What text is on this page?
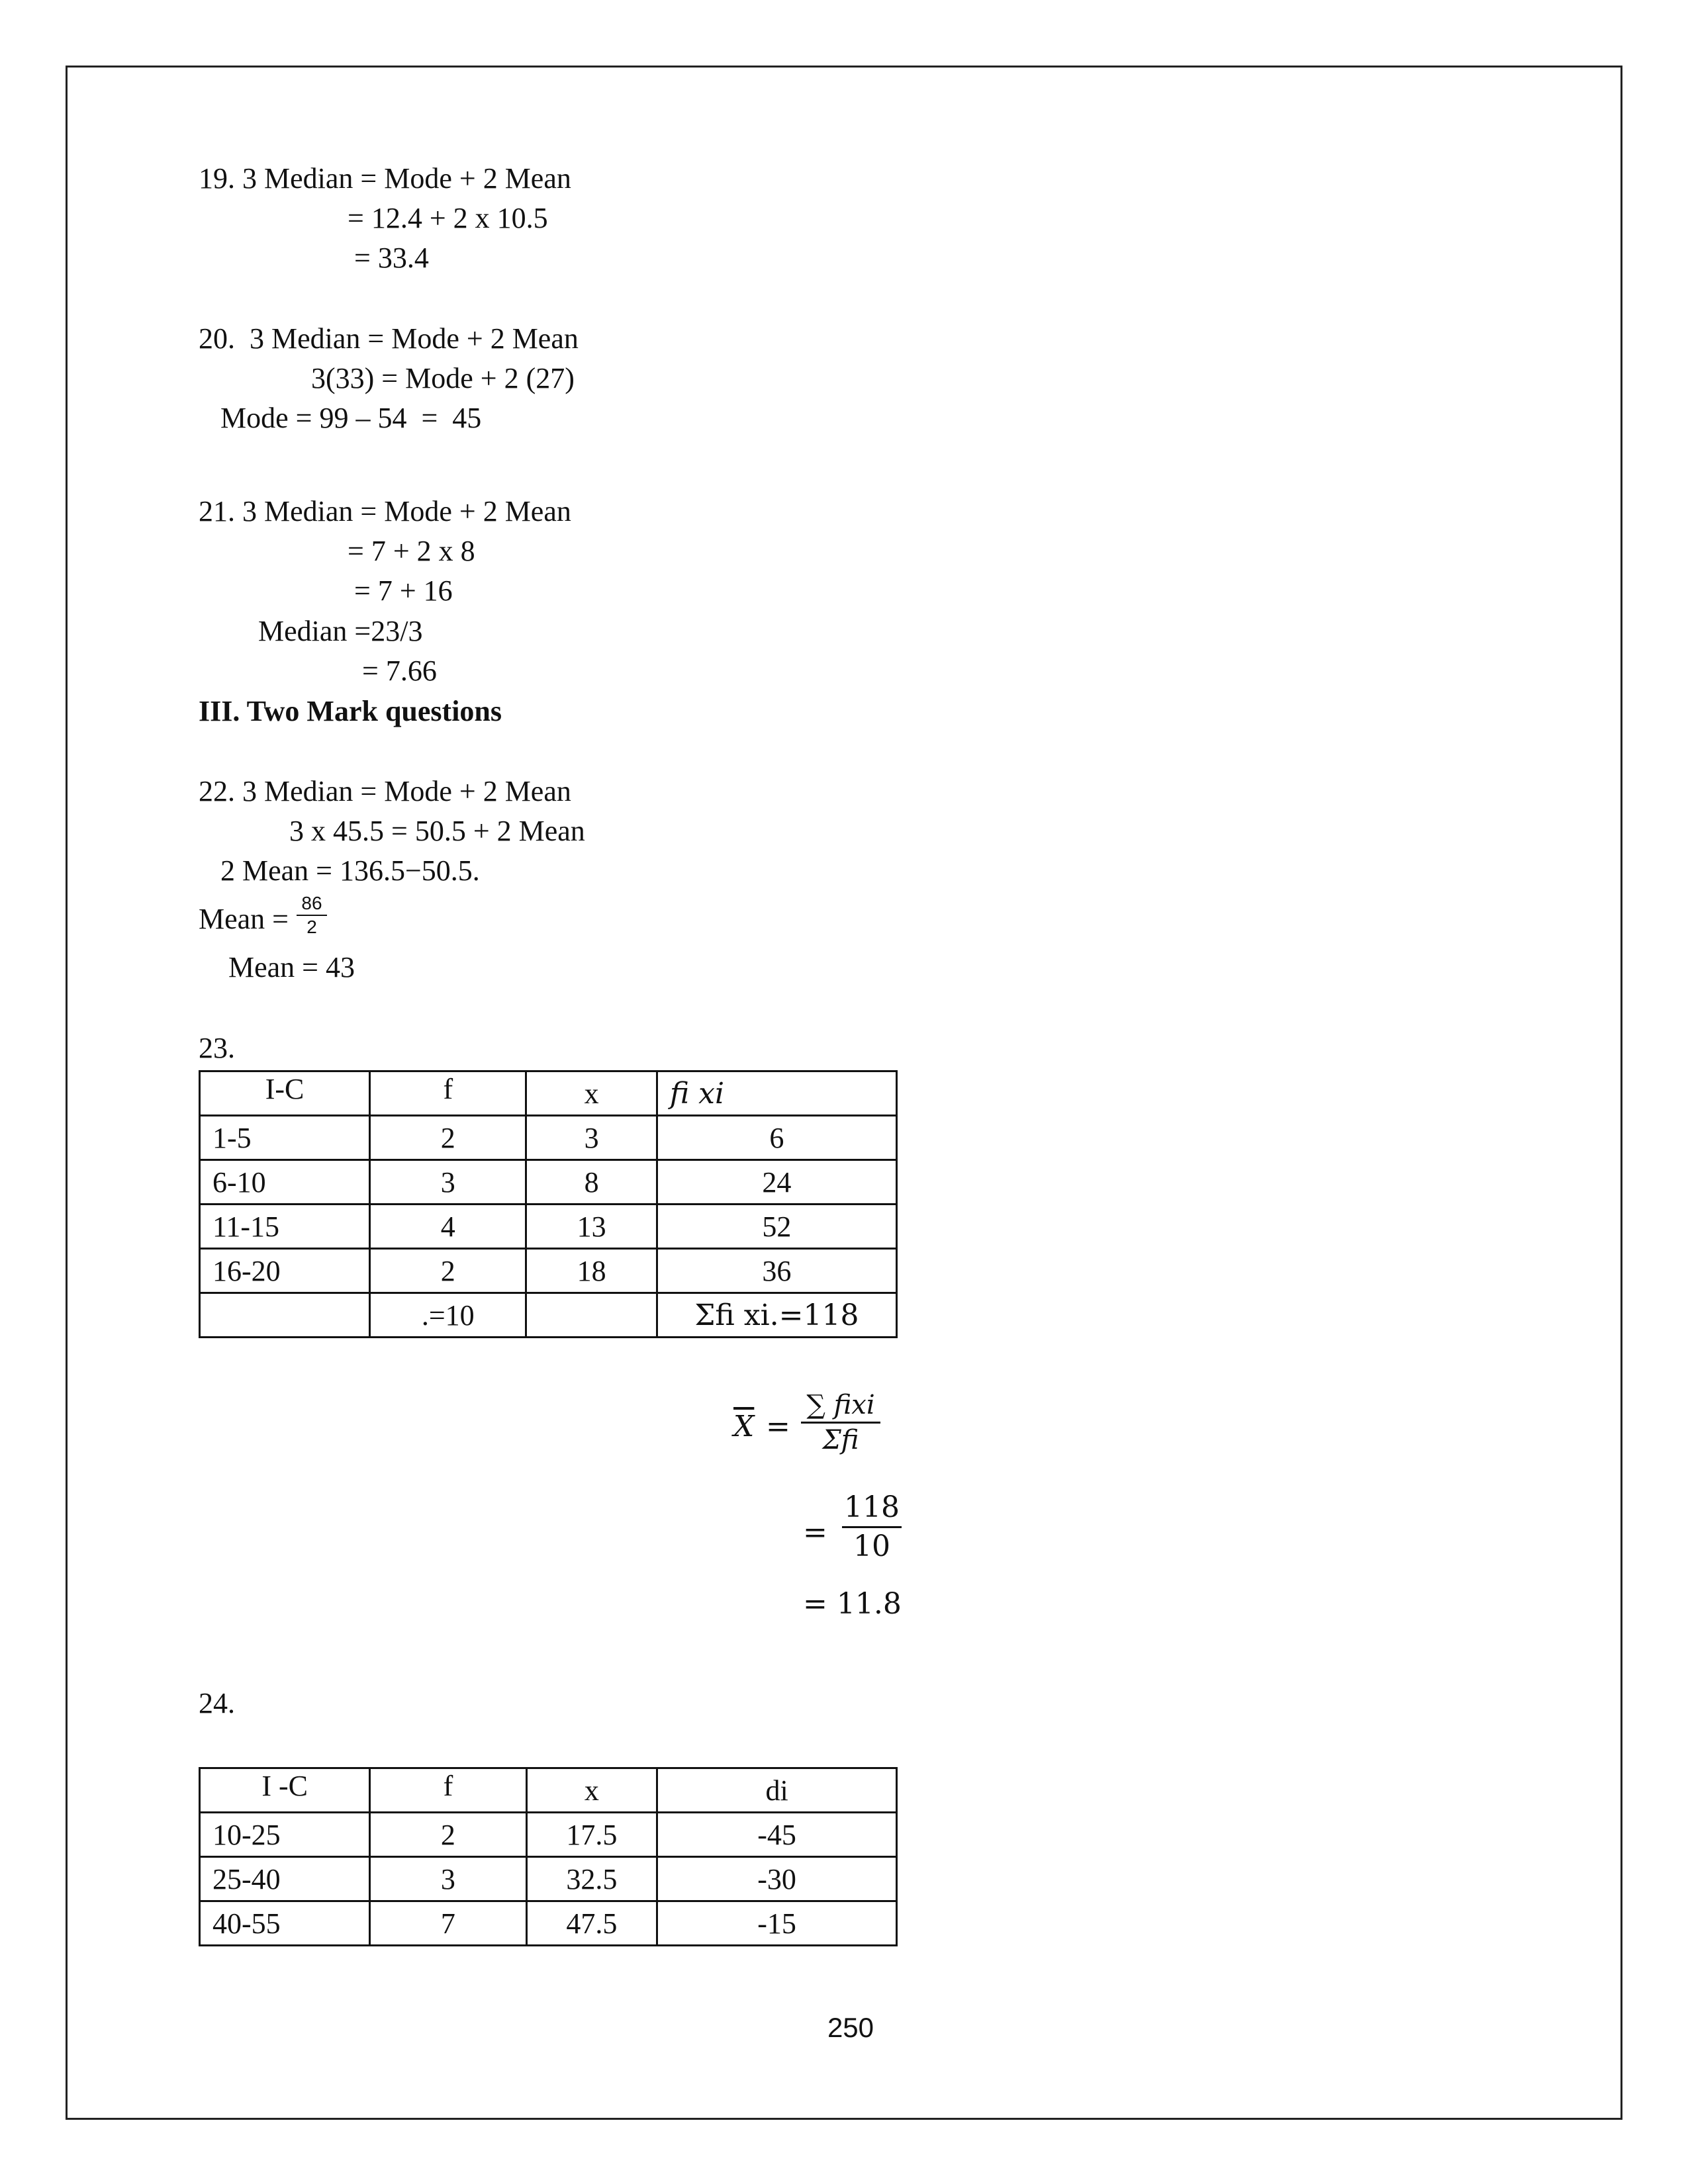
19. 3 Median = Mode + 2 Mean
= 12.4 + 2 x 10.5
= 33.4
20.  3 Median = Mode + 2 Mean
3(33) = Mode + 2 (27)
Mode = 99 – 54  =  45
21. 3 Median = Mode + 2 Mean
= 7 + 2 x 8
= 7 + 16
Median =23/3
= 7.66
III. Two Mark questions
22. 3 Median = Mode + 2 Mean
3 x 45.5 = 50.5 + 2 Mean
2 Mean = 136.5−50.5.
Mean = 86
2
Mean = 43
23.
I-C	f	x	fi xi
1-5	2	3	6
6-10	3	8	24
11-15	4	13	52
16-20	2	18	36
	.=10		Σfi xi.=118
$\overline{X}$ =
∑ fixi
Σfi
=
118
10
= 11.8
24.
I -C	f	x	di
10-25	2	17.5	-45
25-40	3	32.5	-30
40-55	7	47.5	-15
250
